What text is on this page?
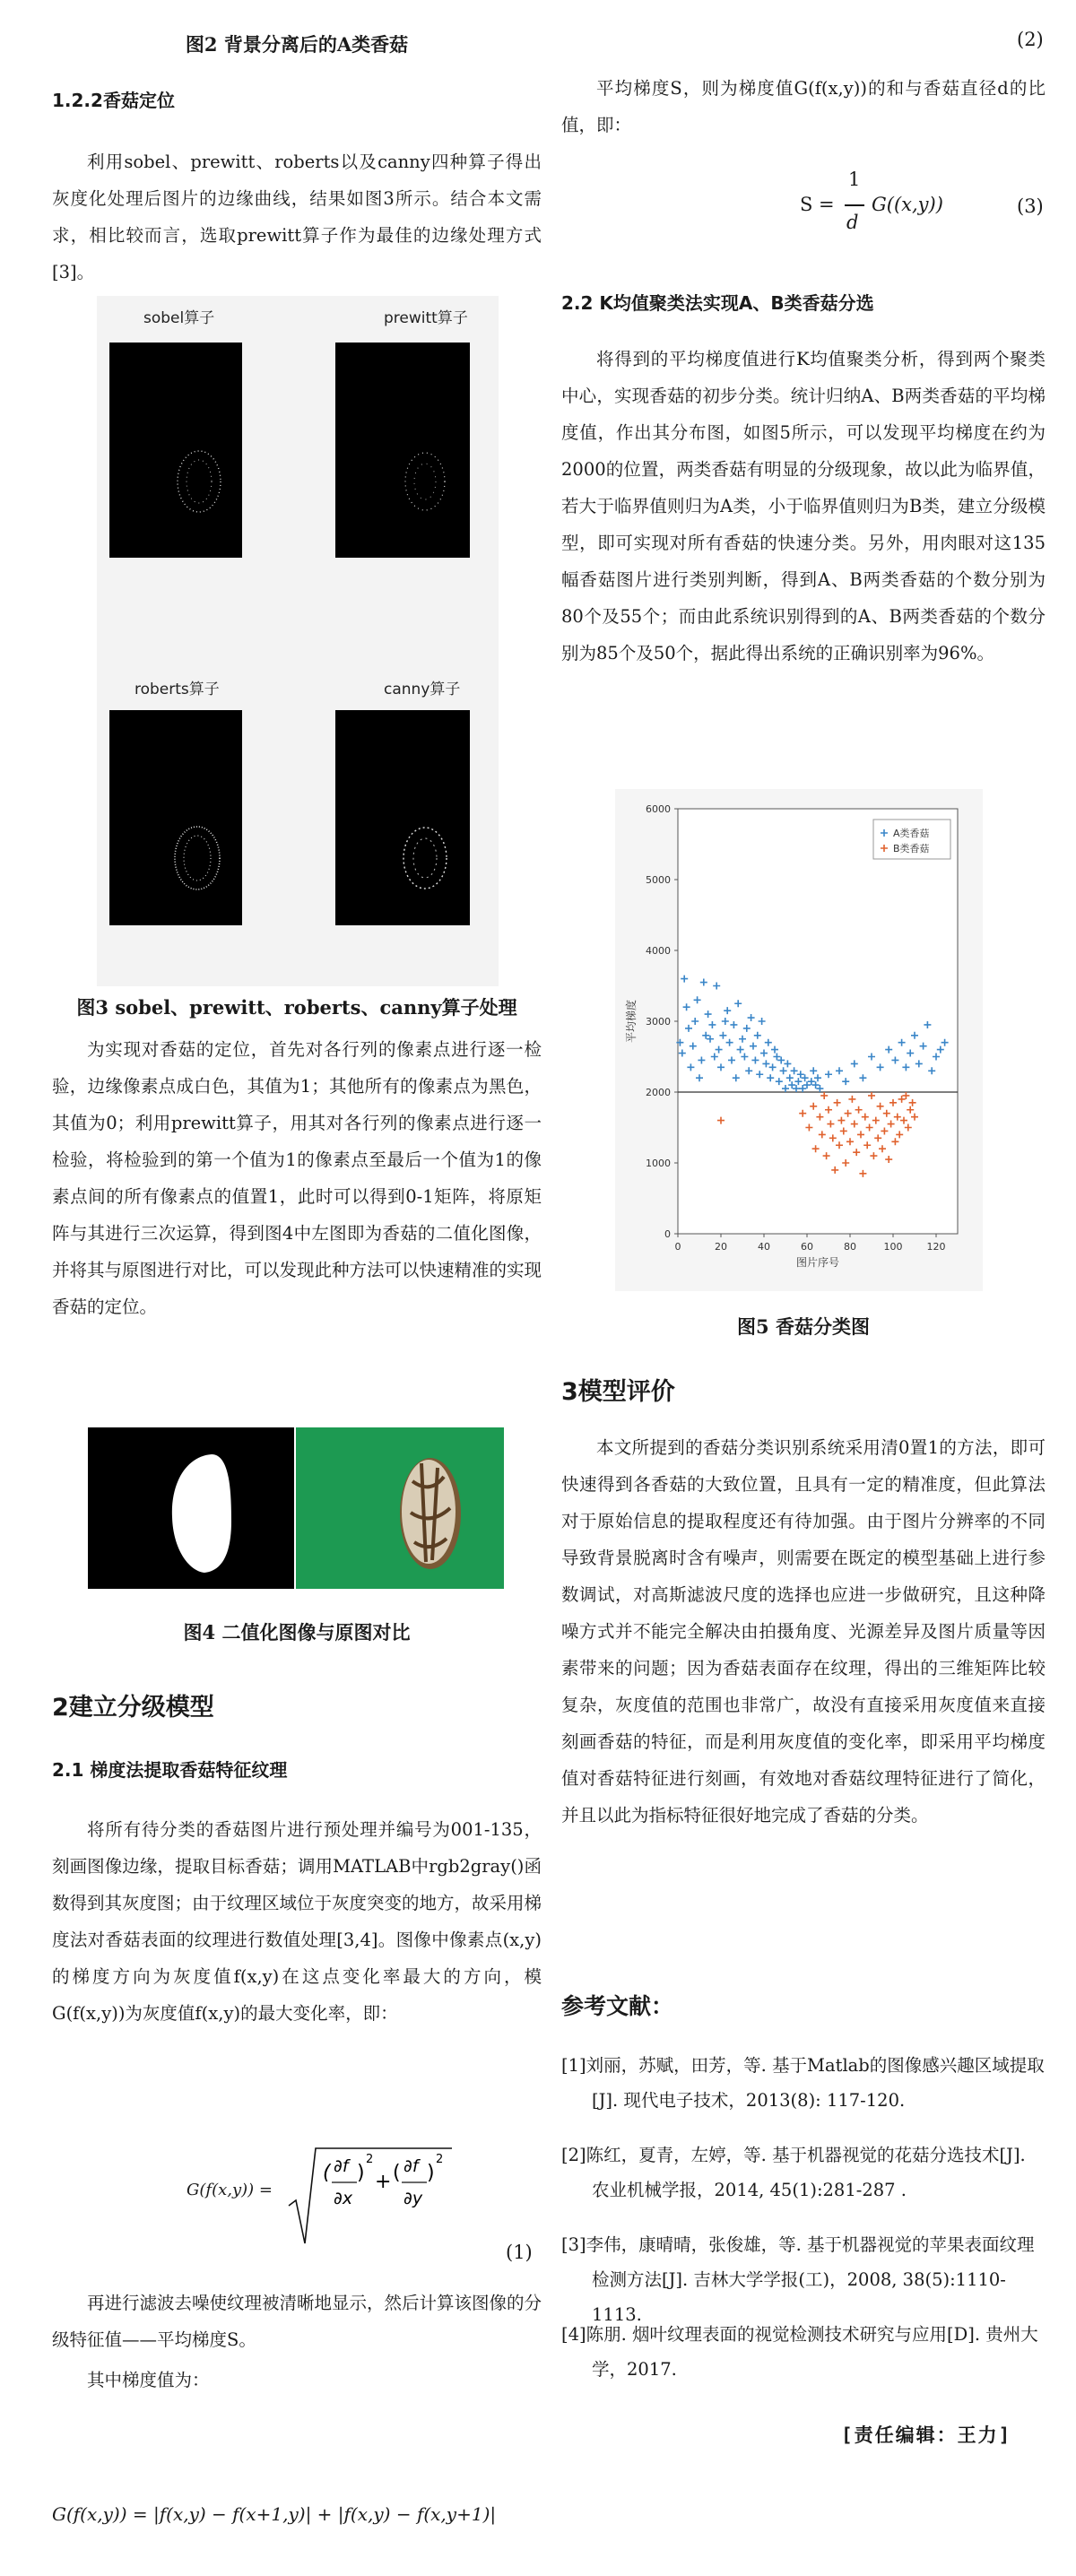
图2 背景分离后的A类香菇
1.2.2香菇定位
利用sobel、prewitt、roberts以及canny四种算子得出灰度化处理后图片的边缘曲线，结果如图3所示。结合本文需求，相比较而言，选取prewitt算子作为最佳的边缘处理方式[3]。
sobel算子	prewitt算子
roberts算子	canny算子
图3 sobel、prewitt、roberts、canny算子处理
为实现对香菇的定位，首先对各行列的像素点进行逐一检验，边缘像素点成白色，其值为1；其他所有的像素点为黑色，其值为0；利用prewitt算子，用其对各行列的像素点进行逐一检验，将检验到的第一个值为1的像素点至最后一个值为1的像素点间的所有像素点的值置1，此时可以得到0-1矩阵，将原矩阵与其进行三次运算，得到图4中左图即为香菇的二值化图像，并将其与原图进行对比，可以发现此种方法可以快速精准的实现香菇的定位。
图4 二值化图像与原图对比
2建立分级模型
2.1 梯度法提取香菇特征纹理
将所有待分类的香菇图片进行预处理并编号为001-135，刻画图像边缘，提取目标香菇；调用MATLAB中rgb2gray()函数得到其灰度图；由于纹理区域位于灰度突变的地方，故采用梯度法对香菇表面的纹理进行数值处理[3,4]。图像中像素点(x,y)的梯度方向为灰度值f(x,y)在这点变化率最大的方向，模G(f(x,y))为灰度值f(x,y)的最大变化率，即：
G(f(x,y)) =
( ∂f
∂x
)
2
+ ( ∂f
∂y
)
2
(1)
再进行滤波去噪使纹理被清晰地显示，然后计算该图像的分级特征值——平均梯度S。
其中梯度值为：
G(f(x,y)) = |f(x,y) − f(x+1,y)| + |f(x,y) − f(x,y+1)|
(2)
平均梯度S，则为梯度值G(f(x,y))的和与香菇直径d的比值，即：
S =
1
d
G((x,y))	(3)
2.2 K均值聚类法实现A、B类香菇分选
将得到的平均梯度值进行K均值聚类分析，得到两个聚类中心，实现香菇的初步分类。统计归纳A、B两类香菇的平均梯度值，作出其分布图，如图5所示，可以发现平均梯度在约为2000的位置，两类香菇有明显的分级现象，故以此为临界值，若大于临界值则归为A类，小于临界值则归为B类，建立分级模型，即可实现对所有香菇的快速分类。另外，用肉眼对这135幅香菇图片进行类别判断，得到A、B两类香菇的个数分别为80个及55个；而由此系统识别得到的A、B两类香菇的个数分别为85个及50个，据此得出系统的正确识别率为96%。
0
1000
2000
3000
4000
5000
6000
0	20	40	60	80	100 120
图片序号
平均梯度
A类香菇
B类香菇
图5 香菇分类图
3模型评价
本文所提到的香菇分类识别系统采用清0置1的方法，即可快速得到各香菇的大致位置，且具有一定的精准度，但此算法对于原始信息的提取程度还有待加强。由于图片分辨率的不同导致背景脱离时含有噪声，则需要在既定的模型基础上进行参数调试，对高斯滤波尺度的选择也应进一步做研究，且这种降噪方式并不能完全解决由拍摄角度、光源差异及图片质量等因素带来的问题；因为香菇表面存在纹理，得出的三维矩阵比较复杂，灰度值的范围也非常广，故没有直接采用灰度值来直接刻画香菇的特征，而是利用灰度值的变化率，即采用平均梯度值对香菇特征进行刻画，有效地对香菇纹理特征进行了简化，并且以此为指标特征很好地完成了香菇的分类。
参考文献：
[1]刘丽，苏赋，田芳，等. 基于Matlab的图像感兴趣区域提取[J]. 现代电子技术，2013(8): 117-120.
[2]陈红，夏青，左婷，等. 基于机器视觉的花菇分选技术[J]. 农业机械学报，2014, 45(1):281-287 .
[3]李伟，康晴晴，张俊雄，等. 基于机器视觉的苹果表面纹理检测方法[J]. 吉林大学学报(工)，2008, 38(5):1110-1113.
[4]陈朋. 烟叶纹理表面的视觉检测技术研究与应用[D]. 贵州大学，2017.
[责任编辑：王力]
